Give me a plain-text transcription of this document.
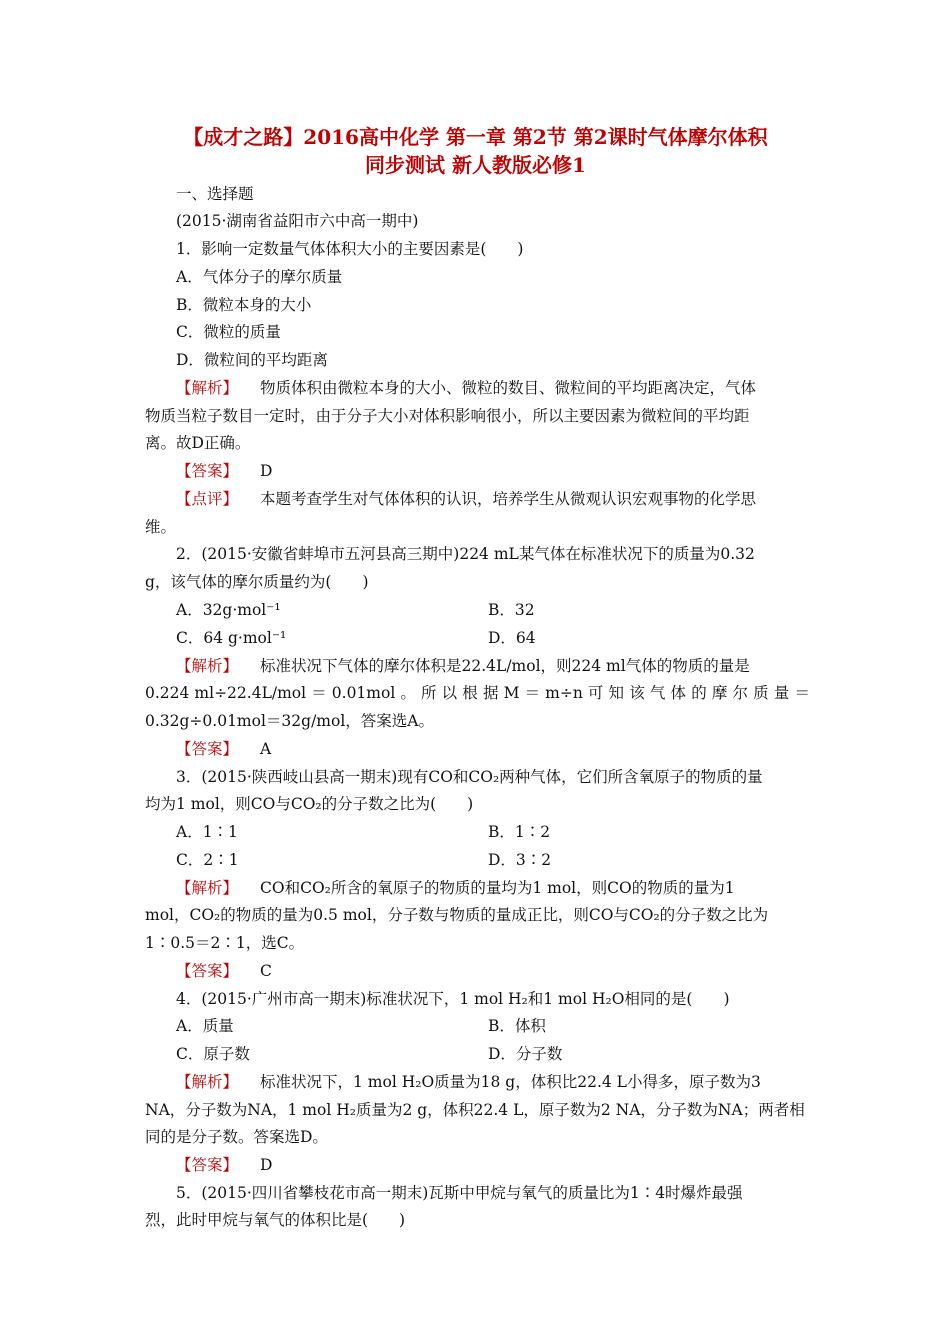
【成才之路】2016高中化学 第一章 第2节 第2课时气体摩尔体积
同步测试 新人教版必修1
一、选择题
(2015·湖南省益阳市六中高一期中)
1．影响一定数量气体体积大小的主要因素是(　　)
A．气体分子的摩尔质量
B．微粒本身的大小
C．微粒的质量
D．微粒间的平均距离
【解析】 物质体积由微粒本身的大小、微粒的数目、微粒间的平均距离决定，气体
物质当粒子数目一定时，由于分子大小对体积影响很小，所以主要因素为微粒间的平均距
离。故D正确。
【答案】 D
【点评】 本题考查学生对气体体积的认识，培养学生从微观认识宏观事物的化学思
维。
2．(2015·安徽省蚌埠市五河县高三期中)224 mL某气体在标准状况下的质量为0.32
g，该气体的摩尔质量约为(　　)
A．32g·mol⁻¹	B．32
C．64 g·mol⁻¹	D．64
【解析】 标准状况下气体的摩尔体积是22.4L/mol，则224 ml气体的物质的量是
0.224 ml÷22.4L/mol ＝ 0.01mol 。 所 以 根 据 M ＝ m÷n 可 知 该 气 体 的 摩 尔 质 量 ＝
0.32g÷0.01mol＝32g/mol，答案选A。
【答案】 A
3．(2015·陕西岐山县高一期末)现有CO和CO₂两种气体，它们所含氧原子的物质的量
均为1 mol，则CO与CO₂的分子数之比为(　　)
A．1∶1	B．1∶2
C．2∶1	D．3∶2
【解析】 CO和CO₂所含的氧原子的物质的量均为1 mol，则CO的物质的量为1
mol，CO₂的物质的量为0.5 mol，分子数与物质的量成正比，则CO与CO₂的分子数之比为
1∶0.5＝2∶1，选C。
【答案】 C
4．(2015·广州市高一期末)标准状况下，1 mol H₂和1 mol H₂O相同的是(　　)
A．质量	B．体积
C．原子数	D．分子数
【解析】 标准状况下，1 mol H₂O质量为18 g，体积比22.4 L小得多，原子数为3
NA，分子数为NA，1 mol H₂质量为2 g，体积22.4 L，原子数为2 NA，分子数为NA；两者相
同的是分子数。答案选D。
【答案】 D
5．(2015·四川省攀枝花市高一期末)瓦斯中甲烷与氧气的质量比为1∶4时爆炸最强
烈，此时甲烷与氧气的体积比是(　　)
